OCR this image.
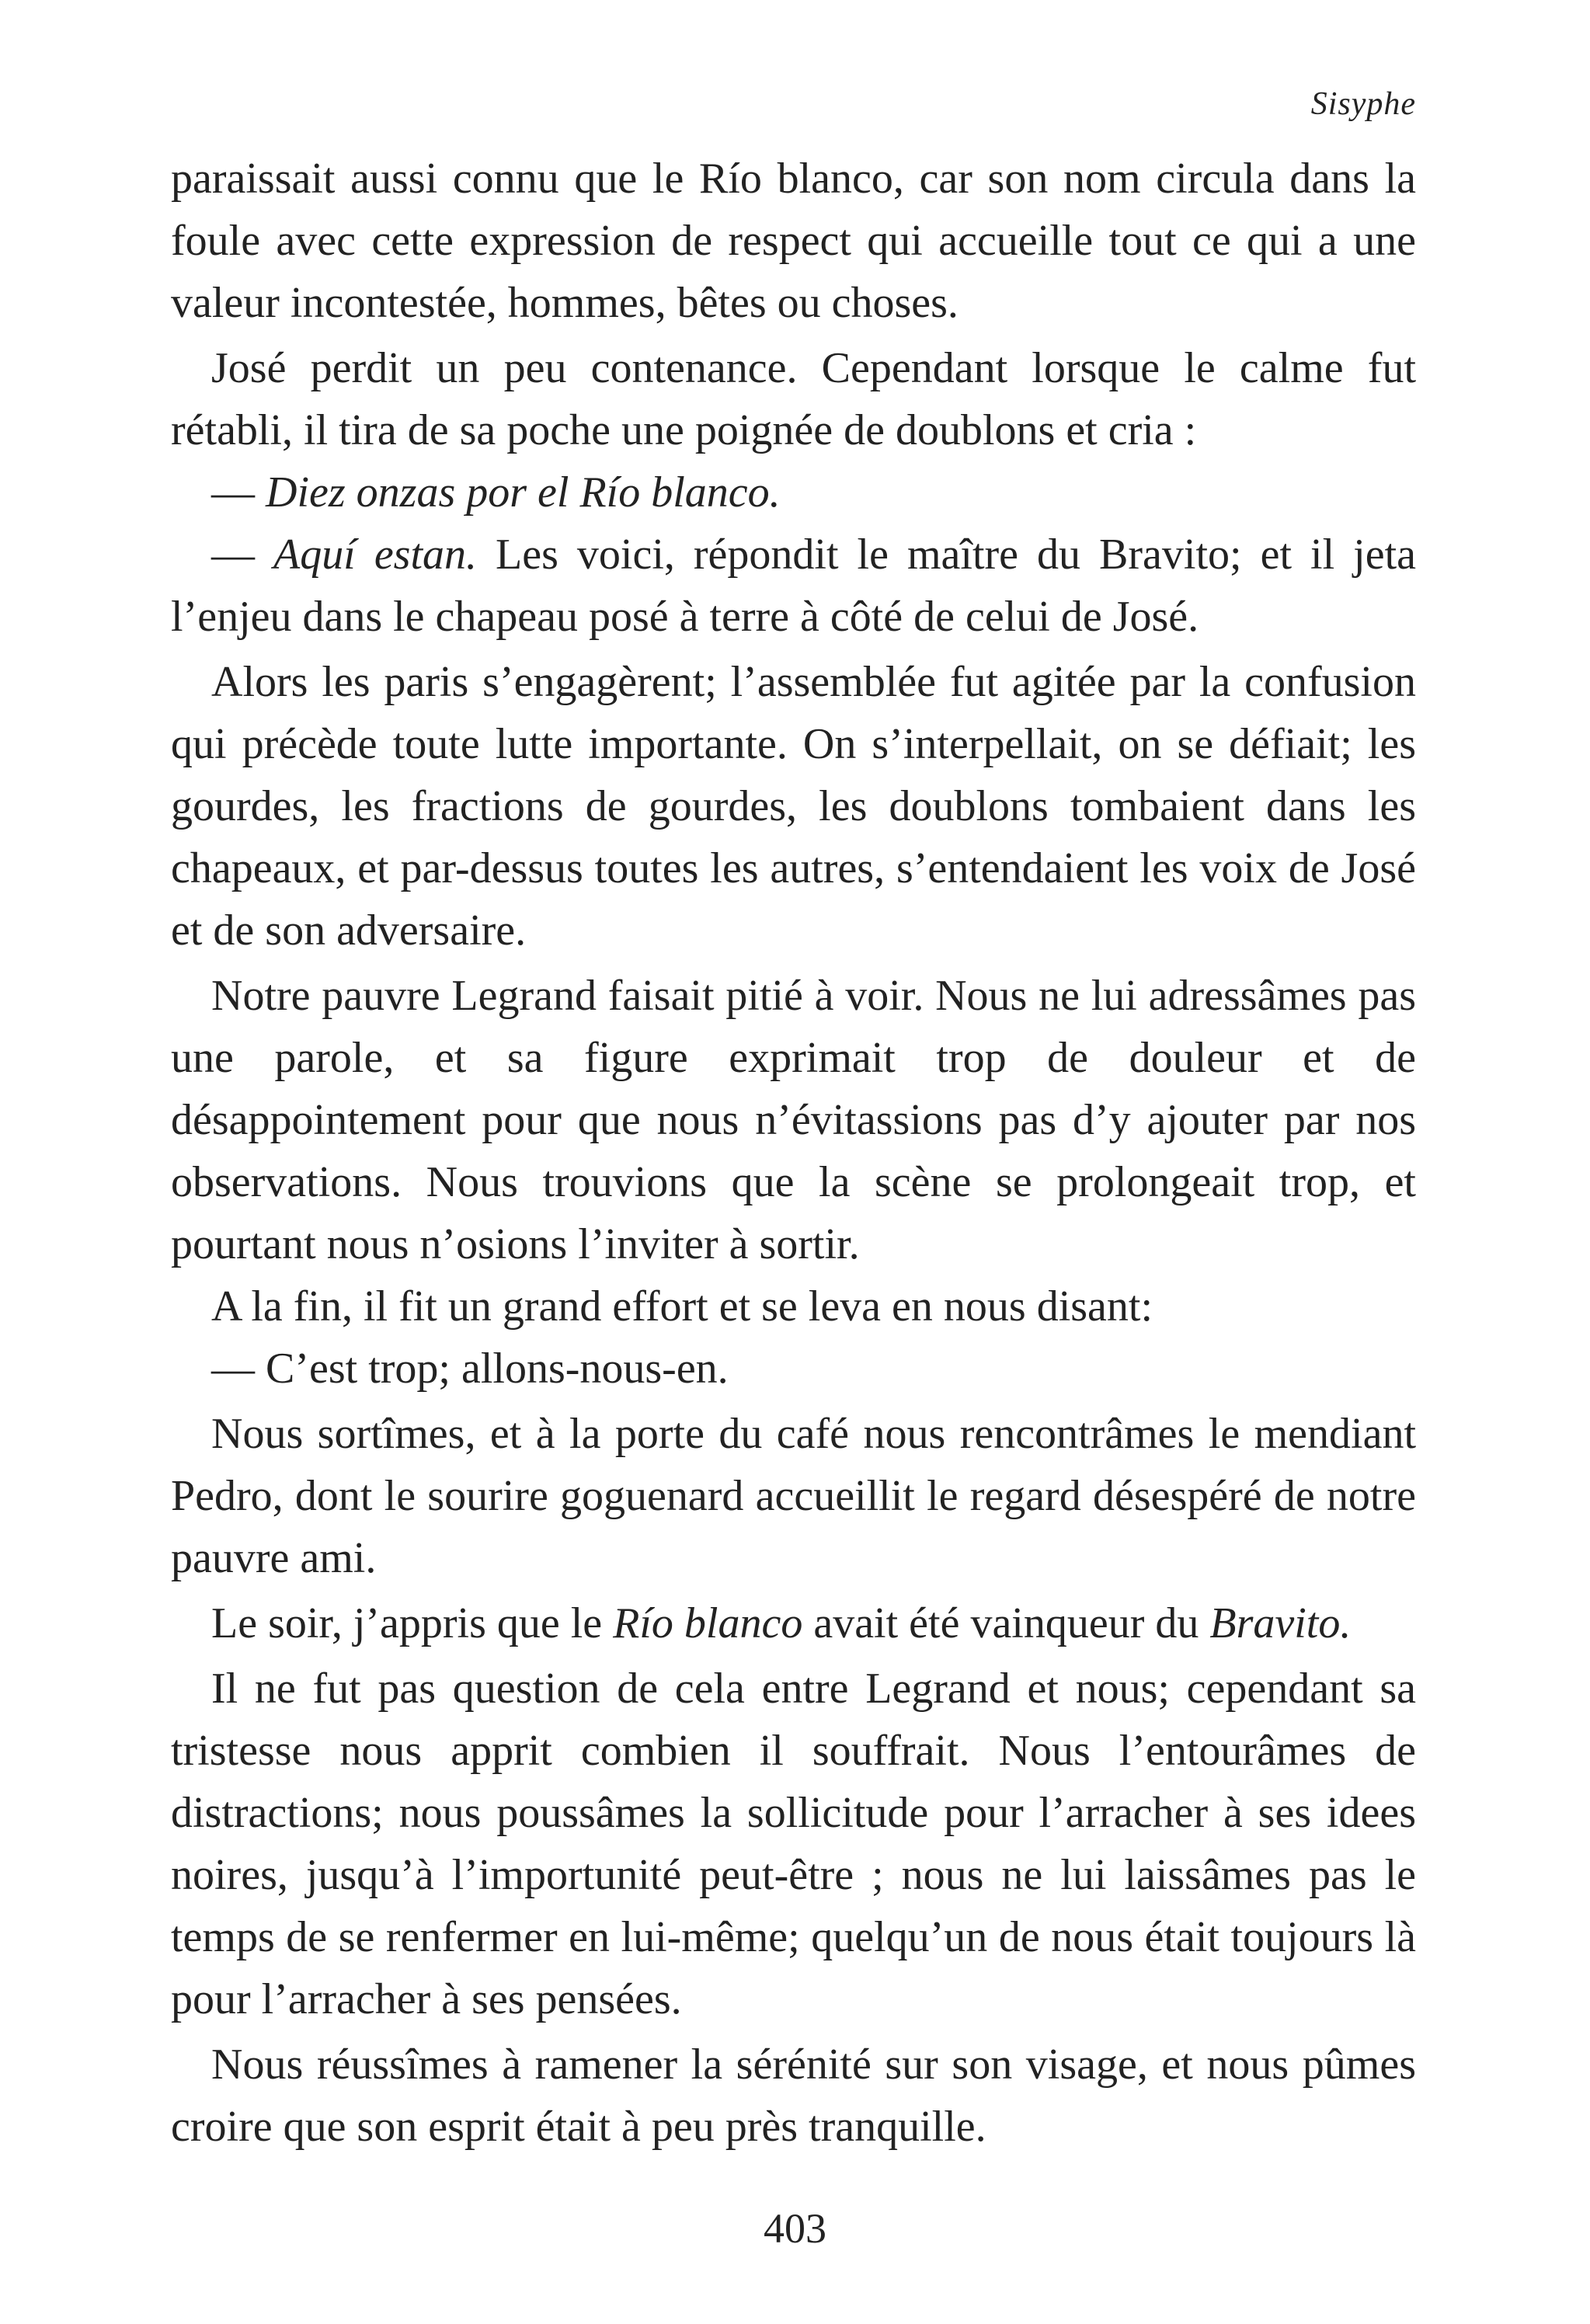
Sisyphe

paraissait aussi connu que le Río blanco, car son nom circula dans la foule avec cette expression de respect qui accueille tout ce qui a une valeur incontestée, hommes, bêtes ou choses.

José perdit un peu contenance. Cependant lorsque le calme fut rétabli, il tira de sa poche une poignée de doublons et cria :

— Diez onzas por el Río blanco.

— Aquí estan. Les voici, répondit le maître du Bravito; et il jeta l’enjeu dans le chapeau posé à terre à côté de celui de José.

Alors les paris s’engagèrent; l’assemblée fut agitée par la confusion qui précède toute lutte importante. On s’interpellait, on se défiait; les gourdes, les fractions de gourdes, les doublons tombaient dans les chapeaux, et par-dessus toutes les autres, s’entendaient les voix de José et de son adversaire.

Notre pauvre Legrand faisait pitié à voir. Nous ne lui adressâmes pas une parole, et sa figure exprimait trop de douleur et de désappointement pour que nous n’évitassions pas d’y ajouter par nos observations. Nous trouvions que la scène se prolongeait trop, et pourtant nous n’osions l’inviter à sortir.

A la fin, il fit un grand effort et se leva en nous disant:

— C’est trop; allons-nous-en.

Nous sortîmes, et à la porte du café nous rencontrâmes le mendiant Pedro, dont le sourire goguenard accueillit le regard désespéré de notre pauvre ami.

Le soir, j’appris que le Río blanco avait été vainqueur du Bravito.

Il ne fut pas question de cela entre Legrand et nous; cependant sa tristesse nous apprit combien il souffrait. Nous l’entourâmes de distractions; nous poussâmes la sollicitude pour l’arracher à ses idees noires, jusqu’à l’importunité peut-être ; nous ne lui laissâmes pas le temps de se renfermer en lui-même; quelqu’un de nous était toujours là pour l’arracher à ses pensées.

Nous réussîmes à ramener la sérénité sur son visage, et nous pûmes croire que son esprit était à peu près tranquille.

403
